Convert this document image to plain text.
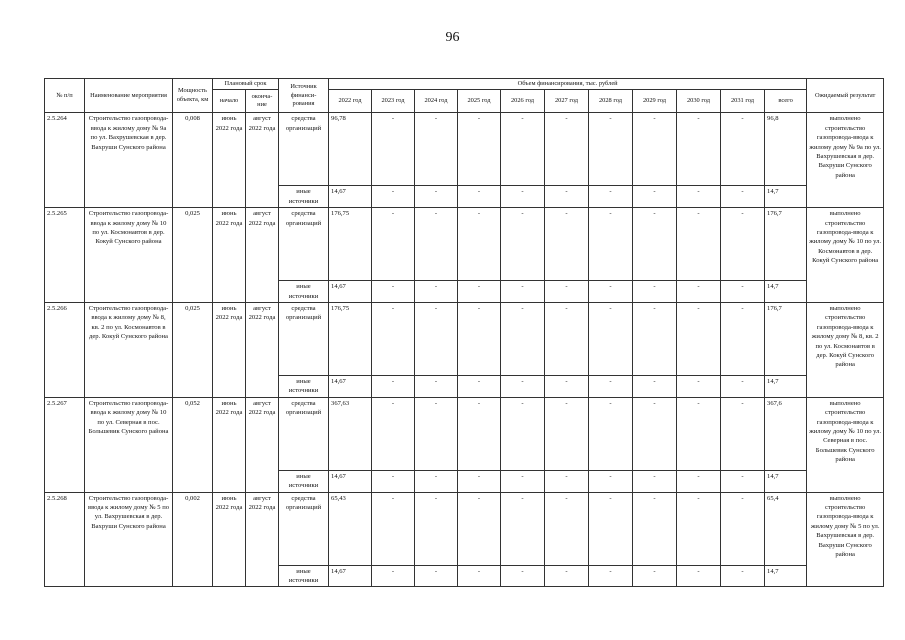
96
№ п/п	Наименование мероприятия	Мощность объекта, км	Плановый срок		Источник финанси-рования	Объем финансирования, тыс. рублей											Ожидаемый результат
			начало	оконча-ние		2022 год	2023 год	2024 год	2025 год	2026 год	2027 год	2028 год	2029 год	2030 год	2031 год	всего	
2.5.264	Строительство газопровода-ввода к жилому дому № 9а по ул. Вахрушевская в дер. Вахруши Сунского района	0,008	июнь 2022 года	август 2022 года	средства организаций	96,78	-	-	-	-	-	-	-	-	-	96,8	выполнено строительство газопровода-ввода к жилому дому № 9а по ул. Вахрушевская в дер. Вахруши Сунского района
					иные источники	14,67	-	-	-	-	-	-	-	-	-	14,7	
2.5.265	Строительство газопровода-ввода к жилому дому № 10 по ул. Космонавтов в дер. Кокуй Сунского района	0,025	июнь 2022 года	август 2022 года	средства организаций	176,75	-	-	-	-	-	-	-	-	-	176,7	выполнено строительство газопровода-ввода к жилому дому № 10 по ул. Космонавтов в дер. Кокуй Сунского района
					иные источники	14,67	-	-	-	-	-	-	-	-	-	14,7	
2.5.266	Строительство газопровода-ввода к жилому дому № 8, кв. 2 по ул. Космонавтов в дер. Кокуй Сунского района	0,025	июнь 2022 года	август 2022 года	средства организаций	176,75	-	-	-	-	-	-	-	-	-	176,7	выполнено строительство газопровода-ввода к жилому дому № 8, кв. 2 по ул. Космонавтов в дер. Кокуй Сунского района
					иные источники	14,67	-	-	-	-	-	-	-	-	-	14,7	
2.5.267	Строительство газопровода-ввода к жилому дому № 10 по ул. Северная в пос. Большевик Сунского района	0,052	июнь 2022 года	август 2022 года	средства организаций	367,63	-	-	-	-	-	-	-	-	-	367,6	выполнено строительство газопровода-ввода к жилому дому № 10 по ул. Северная в пос. Большевик Сунского района
					иные источники	14,67	-	-	-	-	-	-	-	-	-	14,7	
2.5.268	Строительство газопровода-ввода к жилому дому № 5 по ул. Вахрушевская в дер. Вахруши Сунского района	0,002	июнь 2022 года	август 2022 года	средства организаций	65,43	-	-	-	-	-	-	-	-	-	65,4	выполнено строительство газопровода-ввода к жилому дому № 5 по ул. Вахрушевская в дер. Вахруши Сунского района
					иные источники	14,67	-	-	-	-	-	-	-	-	-	14,7	
